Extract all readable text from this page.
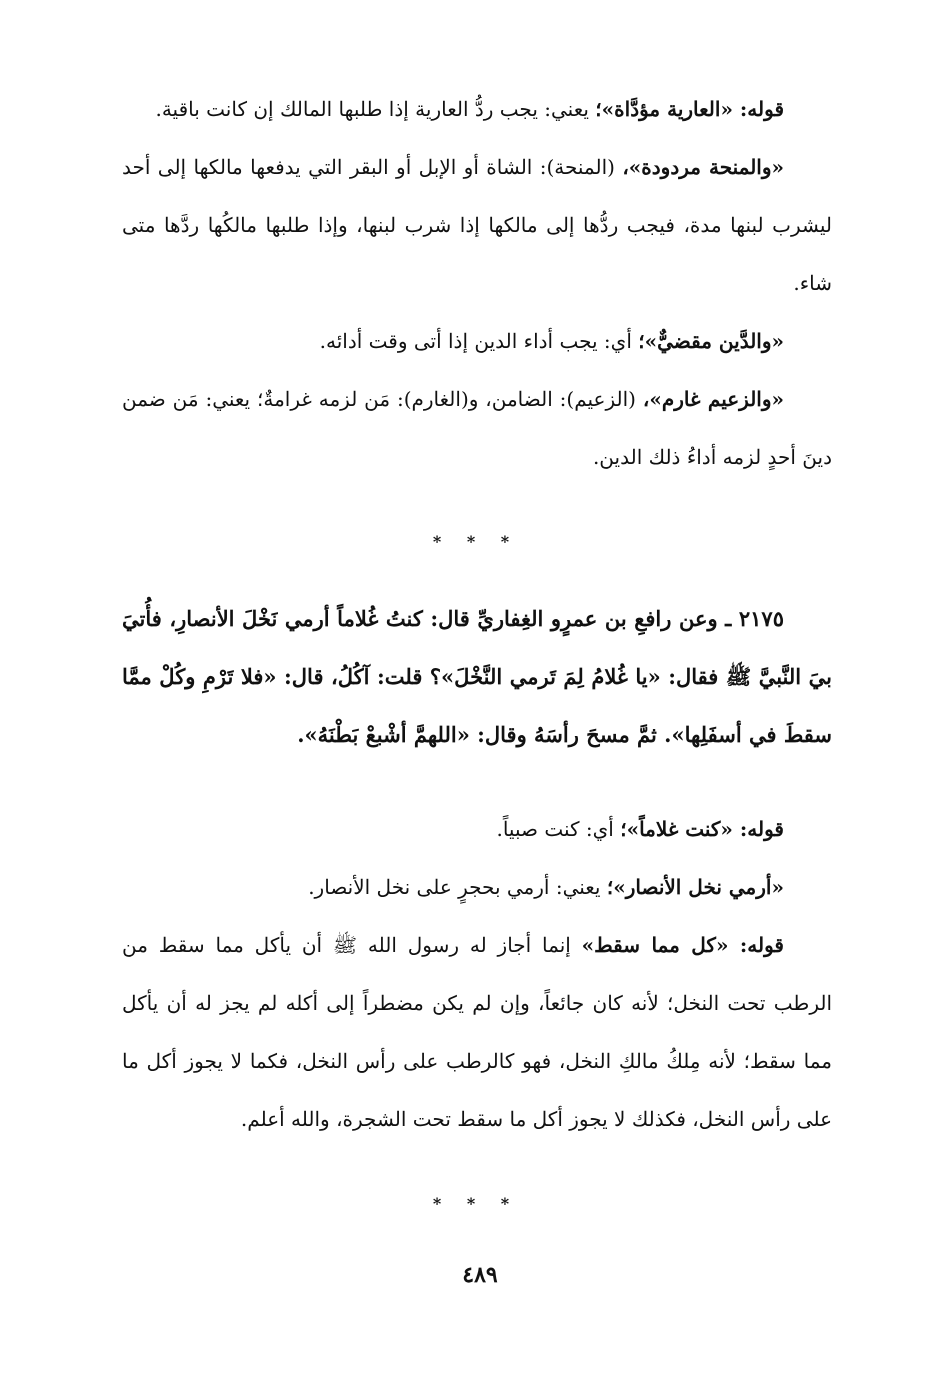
قوله: «العارية مؤدَّاة»؛ يعني: يجب ردُّ العارية إذا طلبها المالك إن كانت باقية.

«والمنحة مردودة»، (المنحة): الشاة أو الإبل أو البقر التي يدفعها مالكها إلى أحد ليشرب لبنها مدة، فيجب ردُّها إلى مالكها إذا شرب لبنها، وإذا طلبها مالكُها ردَّها متى شاء.

«والدَّين مقضيٌّ»؛ أي: يجب أداء الدين إذا أتى وقت أدائه.

«والزعيم غارم»، (الزعيم): الضامن، و(الغارم): مَن لزمه غرامةٌ؛ يعني: مَن ضمن دينَ أحدٍ لزمه أداءُ ذلك الدين.

* * *

٢١٧٥ ـ وعن رافعِ بن عمرٍو الغِفاريِّ قال: كنتُ غُلاماً أرمي نَخْلَ الأنصارِ، فأُتيَ بيَ النَّبيَّ ﷺ فقال: «يا غُلامُ لِمَ تَرمي النَّخْلَ»؟ قلت: آكُلُ، قال: «فلا تَرْمِ وكُلْ ممَّا سقطَ في أسفَلِها». ثمَّ مسحَ رأسَهُ وقال: «اللهمَّ أشْبعْ بَطْنَهُ».

قوله: «كنت غلاماً»؛ أي: كنت صبياً.

«أرمي نخل الأنصار»؛ يعني: أرمي بحجرٍ على نخل الأنصار.

قوله: «كل مما سقط» إنما أجاز له رسول الله ﷺ أن يأكل مما سقط من الرطب تحت النخل؛ لأنه كان جائعاً، وإن لم يكن مضطراً إلى أكله لم يجز له أن يأكل مما سقط؛ لأنه مِلكُ مالكِ النخل، فهو كالرطب على رأس النخل، فكما لا يجوز أكل ما على رأس النخل، فكذلك لا يجوز أكل ما سقط تحت الشجرة، والله أعلم.

* * *
٤٨٩
